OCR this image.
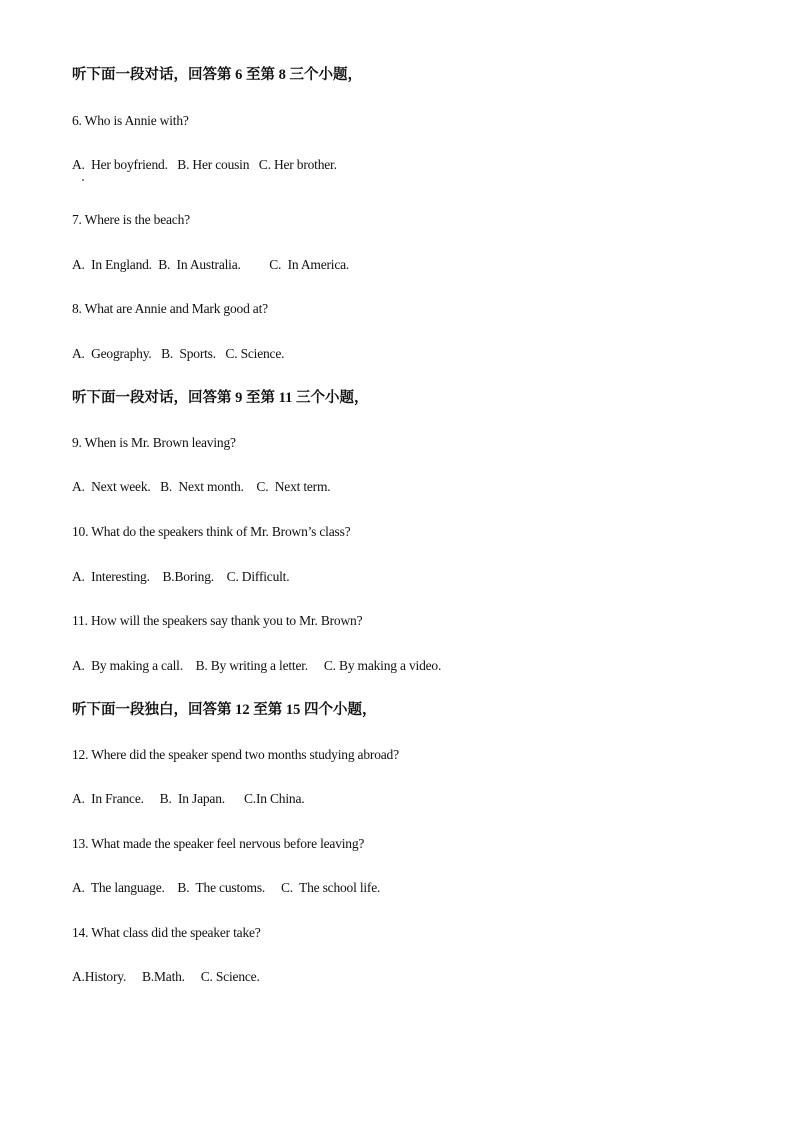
听下面一段对话，回答第 6 至第 8 三个小题，
6. Who is Annie with?
A.  Her boyfriend.   B. Her cousin   C. Her brother.
7. Where is the beach?
A.  In England.  B.  In Australia.         C.  In America.
8. What are Annie and Mark good at?
A.  Geography.   B.  Sports.   C. Science.
听下面一段对话，回答第 9 至第 11 三个小题，
9. When is Mr. Brown leaving?
A.  Next week.   B.  Next month.    C.  Next term.
10. What do the speakers think of Mr. Brown’s class?
A.  Interesting.    B.Boring.    C. Difficult.
11. How will the speakers say thank you to Mr. Brown?
A.  By making a call.    B. By writing a letter.     C. By making a video.
听下面一段独白，回答第 12 至第 15 四个小题，
12. Where did the speaker spend two months studying abroad?
A.  In France.     B.  In Japan.      C.In China.
13. What made the speaker feel nervous before leaving?
A.  The language.    B.  The customs.     C.  The school life.
14. What class did the speaker take?
A.History.     B.Math.     C. Science.
